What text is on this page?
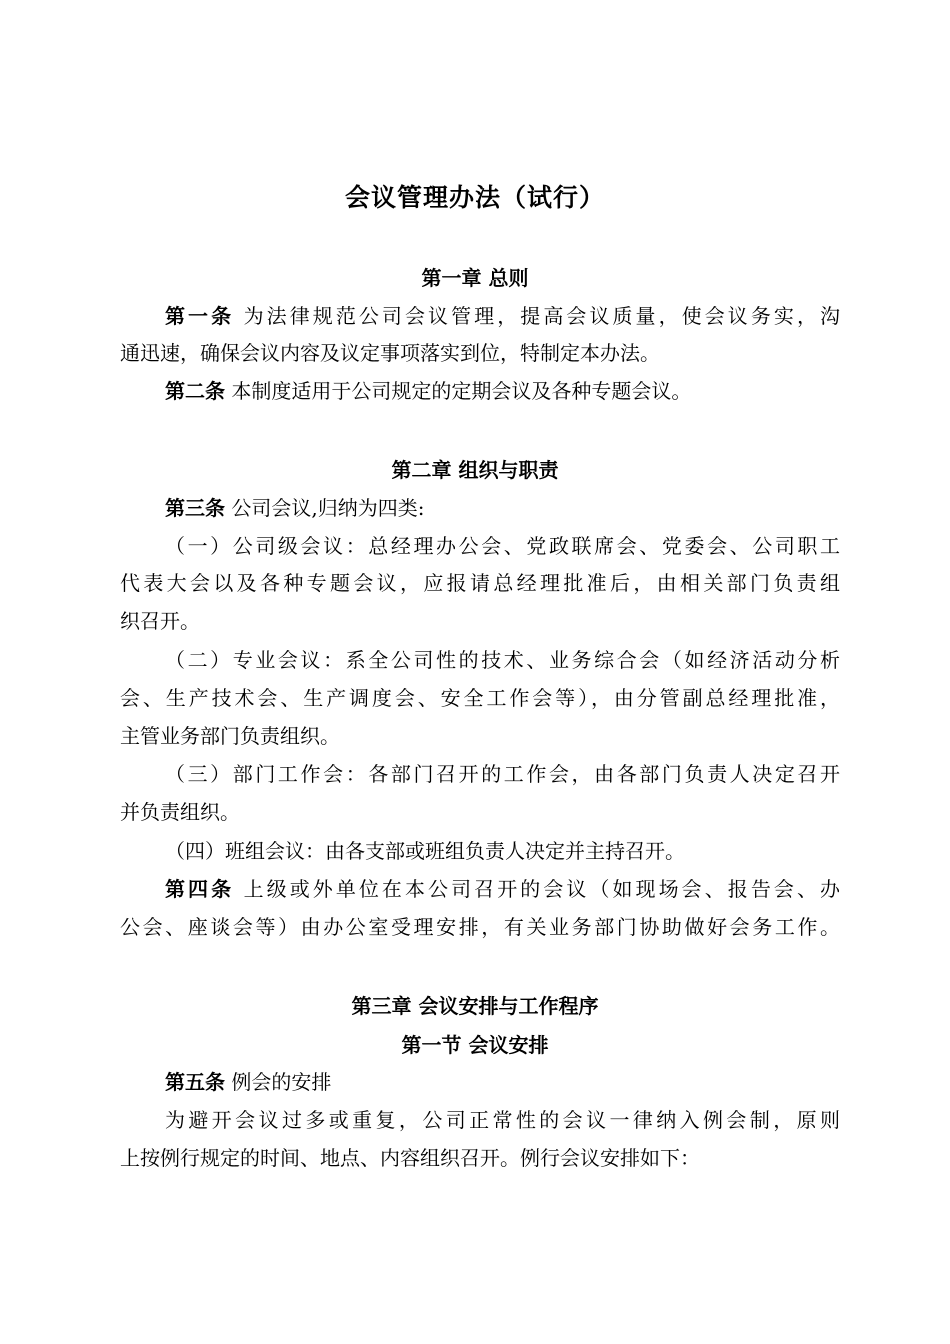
会议管理办法（试行）
第一章 总则
第一条 为法律规范公司会议管理，提高会议质量，使会议务实，沟
通迅速，确保会议内容及议定事项落实到位，特制定本办法。
第二条 本制度适用于公司规定的定期会议及各种专题会议。
第二章 组织与职责
第三条 公司会议,归纳为四类:
（一）公司级会议：总经理办公会、党政联席会、党委会、公司职工
代表大会以及各种专题会议，应报请总经理批准后，由相关部门负责组
织召开。
（二）专业会议：系全公司性的技术、业务综合会（如经济活动分析
会、生产技术会、生产调度会、安全工作会等），由分管副总经理批准，
主管业务部门负责组织。
（三）部门工作会：各部门召开的工作会，由各部门负责人决定召开
并负责组织。
（四）班组会议：由各支部或班组负责人决定并主持召开。
第四条 上级或外单位在本公司召开的会议（如现场会、报告会、办
公会、座谈会等）由办公室受理安排，有关业务部门协助做好会务工作。
第三章 会议安排与工作程序
第一节 会议安排
第五条 例会的安排
为避开会议过多或重复，公司正常性的会议一律纳入例会制，原则
上按例行规定的时间、地点、内容组织召开。例行会议安排如下：
